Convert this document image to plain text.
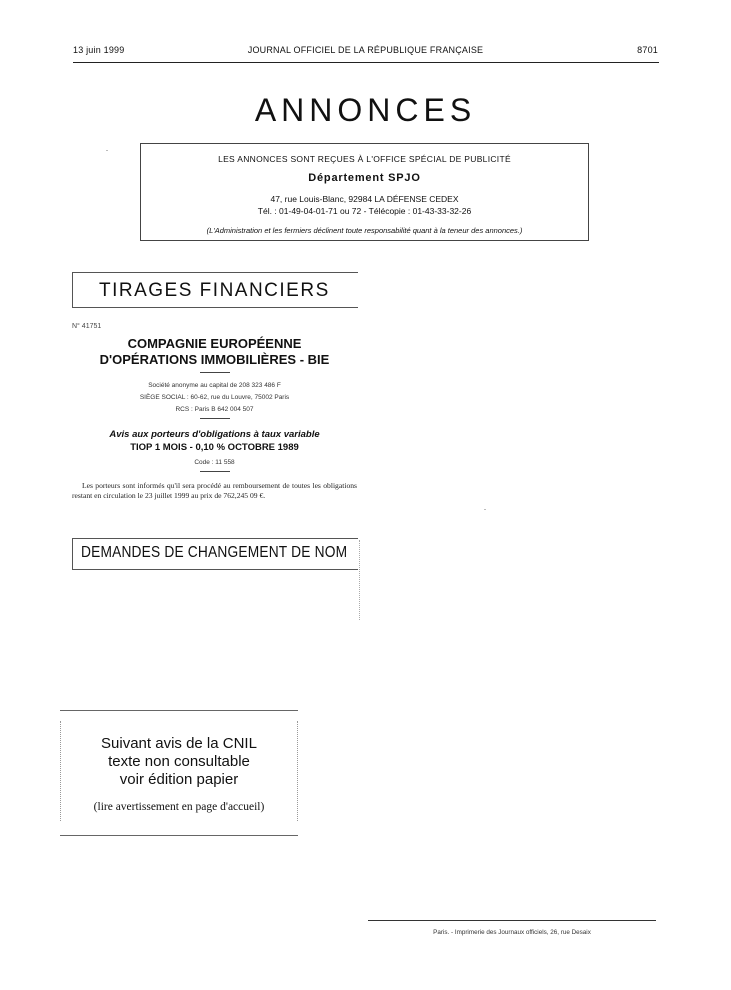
13 juin 1999	JOURNAL OFFICIEL DE LA RÉPUBLIQUE FRANÇAISE	8701
ANNONCES
LES ANNONCES SONT REÇUES À L'OFFICE SPÉCIAL DE PUBLICITÉ
Département SPJO
47, rue Louis-Blanc, 92984 LA DÉFENSE CEDEX
Tél. : 01-49-04-01-71 ou 72 - Télécopie : 01-43-33-32-26
(L'Administration et les fermiers déclinent toute responsabilité quant à la teneur des annonces.)
TIRAGES FINANCIERS
N° 41751
COMPAGNIE EUROPÉENNE
D'OPÉRATIONS IMMOBILIÈRES - BIE
Société anonyme au capital de 208 323 486 F
SIÈGE SOCIAL : 60-62, rue du Louvre, 75002 Paris
RCS : Paris B 642 004 507
Avis aux porteurs d'obligations à taux variable
TIOP 1 MOIS - 0,10 % OCTOBRE 1989
Code : 11 558
Les porteurs sont informés qu'il sera procédé au remboursement de toutes les obligations restant en circulation le 23 juillet 1999 au prix de 762,245 09 €.
DEMANDES DE CHANGEMENT DE NOM
Suivant avis de la CNIL
texte non consultable
voir édition papier
(lire avertissement en page d'accueil)
Paris. - Imprimerie des Journaux officiels, 26, rue Desaix
